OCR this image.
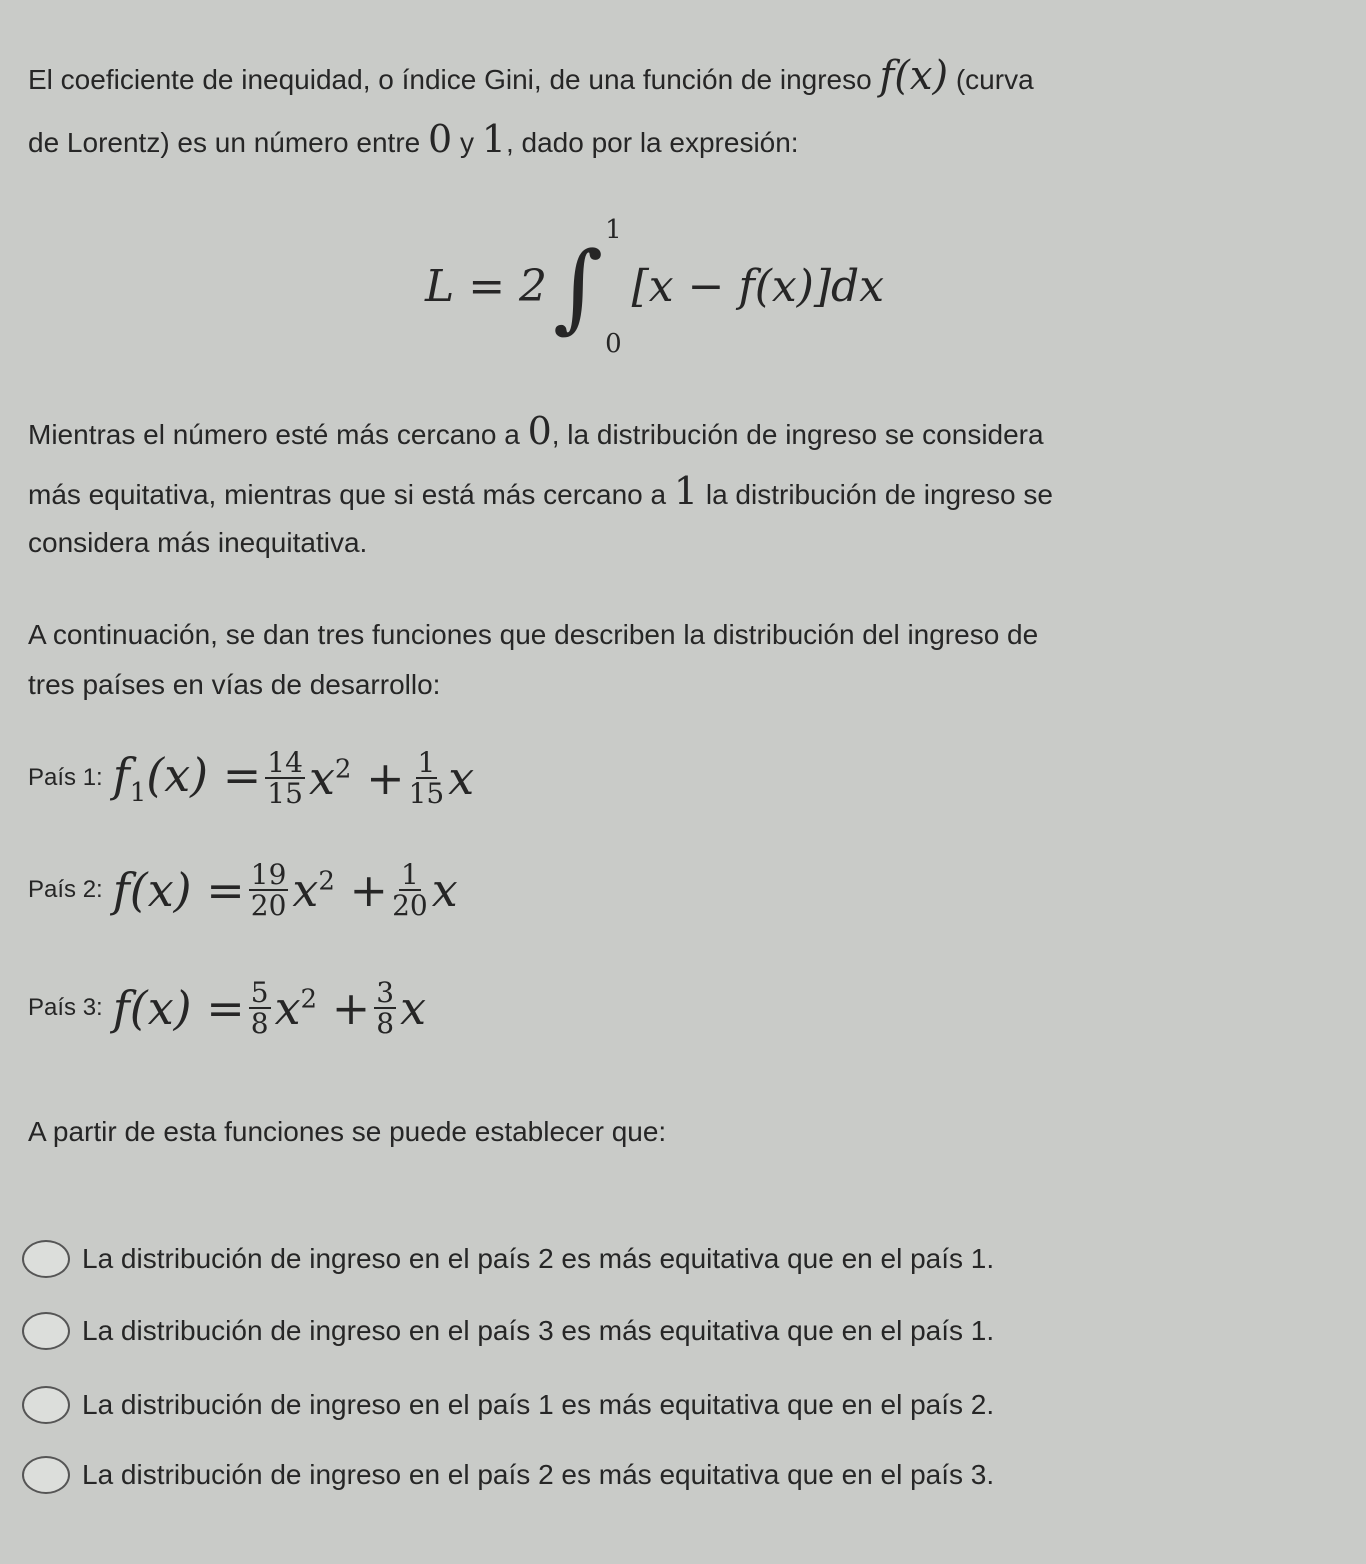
El coeficiente de inequidad, o índice Gini, de una función de ingreso f(x) (curva
de Lorentz) es un número entre 0 y 1, dado por la expresión:
L = 2 ∫
1
0
[x − f(x)]dx
Mientras el número esté más cercano a 0, la distribución de ingreso se considera
más equitativa, mientras que si está más cercano a 1 la distribución de ingreso se
considera más inequitativa.
A continuación, se dan tres funciones que describen la distribución del ingreso de
tres países en vías de desarrollo:
País 1: $f_1(x) = \frac{14}{15} x^2 + \frac{1}{15}$ x
País 2: $f(x) = \frac{19}{20} x^2 + \frac{1}{20}$ x
País 3: $f(x) = \frac{5}{8} x^2 + \frac{3}{8}$ x
A partir de esta funciones se puede establecer que:
La distribución de ingreso en el país 2 es más equitativa que en el país 1.
La distribución de ingreso en el país 3 es más equitativa que en el país 1.
La distribución de ingreso en el país 1 es más equitativa que en el país 2.
La distribución de ingreso en el país 2 es más equitativa que en el país 3.
